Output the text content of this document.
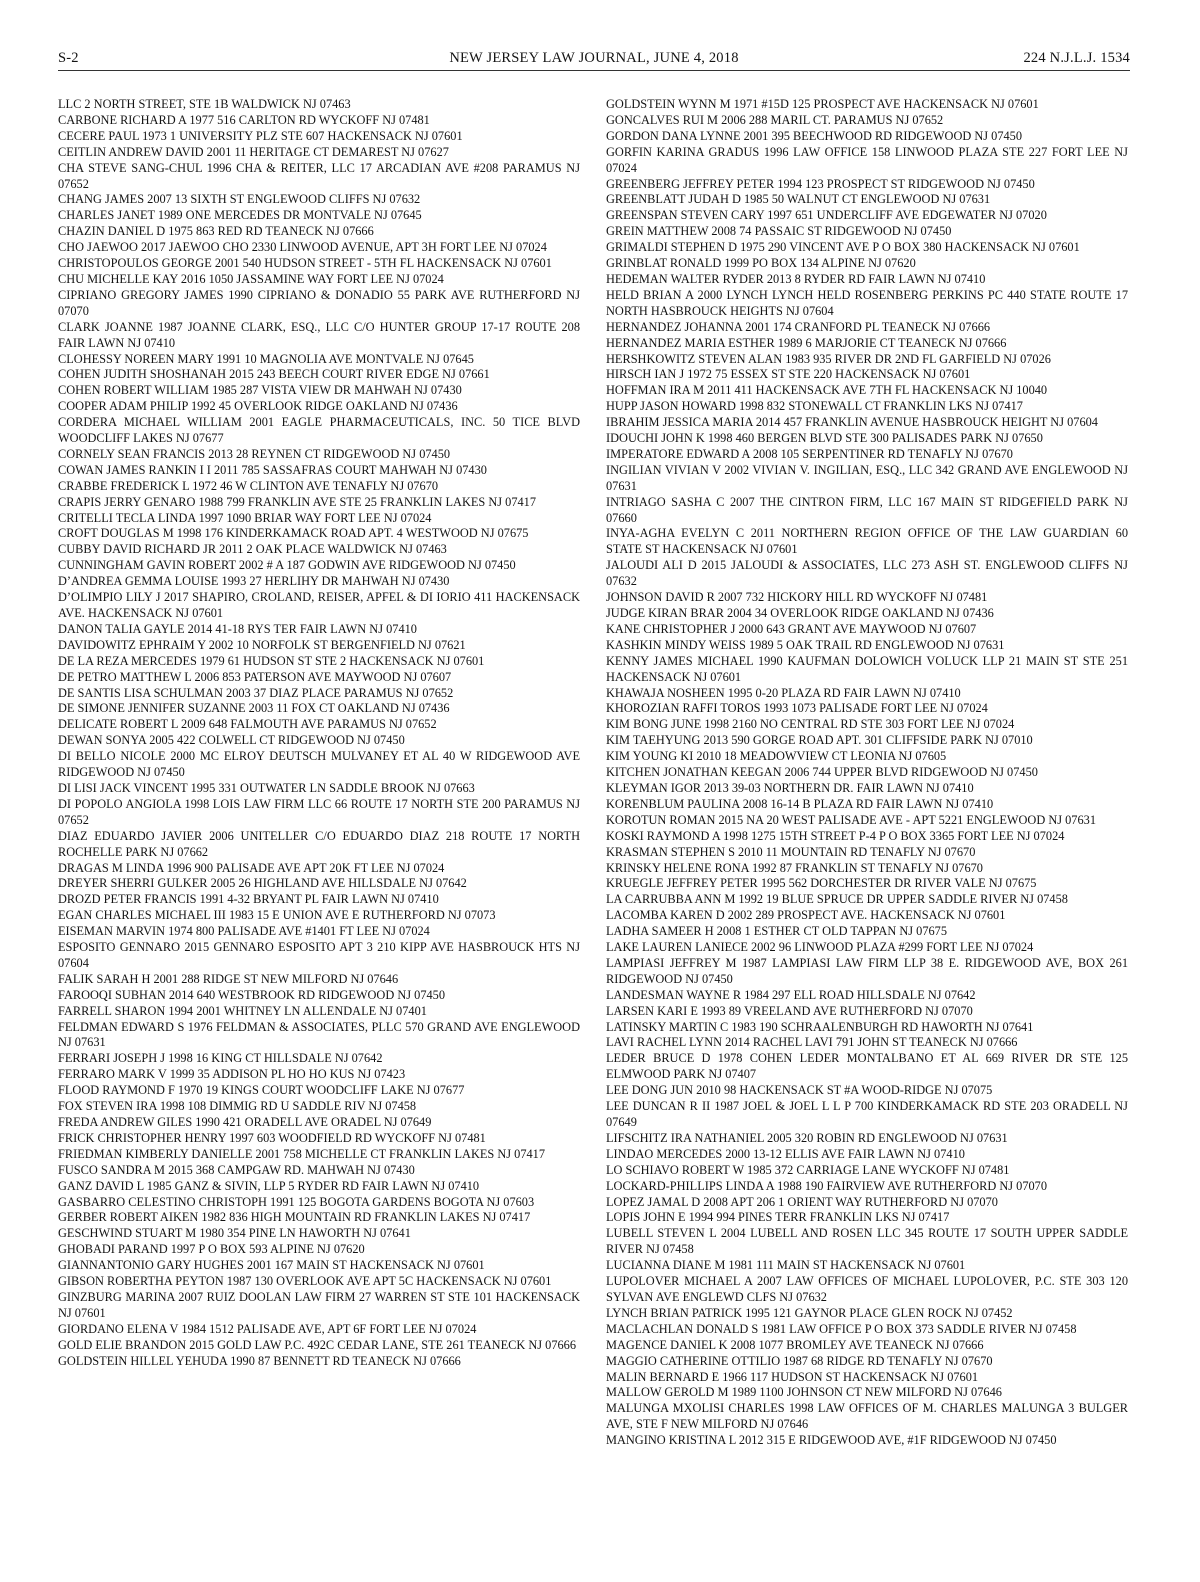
S-2	NEW JERSEY LAW JOURNAL, JUNE 4, 2018	224 N.J.L.J. 1534

LLC 2 NORTH STREET, STE 1B WALDWICK NJ 07463

CARBONE RICHARD A 1977 516 CARLTON RD WYCKOFF NJ 07481

CECERE PAUL 1973 1 UNIVERSITY PLZ STE 607 HACKENSACK NJ 07601

CEITLIN ANDREW DAVID 2001 11 HERITAGE CT DEMAREST NJ 07627

CHA STEVE SANG-CHUL 1996 CHA & REITER, LLC 17 ARCADIAN AVE #208 PARAMUS NJ 07652

CHANG JAMES 2007 13 SIXTH ST ENGLEWOOD CLIFFS NJ 07632

CHARLES JANET 1989 ONE MERCEDES DR MONTVALE NJ 07645

CHAZIN DANIEL D 1975 863 RED RD TEANECK NJ 07666

CHO JAEWOO 2017 JAEWOO CHO 2330 LINWOOD AVENUE, APT 3H FORT LEE NJ 07024

CHRISTOPOULOS GEORGE 2001 540 HUDSON STREET - 5TH FL HACKENSACK NJ 07601

CHU MICHELLE KAY 2016 1050 JASSAMINE WAY FORT LEE NJ 07024

CIPRIANO GREGORY JAMES 1990 CIPRIANO & DONADIO 55 PARK AVE RUTHERFORD NJ 07070

CLARK JOANNE 1987 JOANNE CLARK, ESQ., LLC C/O HUNTER GROUP 17-17 ROUTE 208 FAIR LAWN NJ 07410

CLOHESSY NOREEN MARY 1991 10 MAGNOLIA AVE MONTVALE NJ 07645

COHEN JUDITH SHOSHANAH 2015 243 BEECH COURT RIVER EDGE NJ 07661

COHEN ROBERT WILLIAM 1985 287 VISTA VIEW DR MAHWAH NJ 07430

COOPER ADAM PHILIP 1992 45 OVERLOOK RIDGE OAKLAND NJ 07436

CORDERA MICHAEL WILLIAM 2001 EAGLE PHARMACEUTICALS, INC. 50 TICE BLVD WOODCLIFF LAKES NJ 07677

CORNELY SEAN FRANCIS 2013 28 REYNEN CT RIDGEWOOD NJ 07450

COWAN JAMES RANKIN I I 2011 785 SASSAFRAS COURT MAHWAH NJ 07430

CRABBE FREDERICK L 1972 46 W CLINTON AVE TENAFLY NJ 07670

CRAPIS JERRY GENARO 1988 799 FRANKLIN AVE STE 25 FRANKLIN LAKES NJ 07417

CRITELLI TECLA LINDA 1997 1090 BRIAR WAY FORT LEE NJ 07024

CROFT DOUGLAS M 1998 176 KINDERKAMACK ROAD APT. 4 WESTWOOD NJ 07675

CUBBY DAVID RICHARD JR 2011 2 OAK PLACE WALDWICK NJ 07463

CUNNINGHAM GAVIN ROBERT 2002 # A 187 GODWIN AVE RIDGEWOOD NJ 07450

D’ANDREA GEMMA LOUISE 1993 27 HERLIHY DR MAHWAH NJ 07430

D’OLIMPIO LILY J 2017 SHAPIRO, CROLAND, REISER, APFEL & DI IORIO 411 HACKENSACK AVE. HACKENSACK NJ 07601

DANON TALIA GAYLE 2014 41-18 RYS TER FAIR LAWN NJ 07410

DAVIDOWITZ EPHRAIM Y 2002 10 NORFOLK ST BERGENFIELD NJ 07621

DE LA REZA MERCEDES 1979 61 HUDSON ST STE 2 HACKENSACK NJ 07601

DE PETRO MATTHEW L 2006 853 PATERSON AVE MAYWOOD NJ 07607

DE SANTIS LISA SCHULMAN 2003 37 DIAZ PLACE PARAMUS NJ 07652

DE SIMONE JENNIFER SUZANNE 2003 11 FOX CT OAKLAND NJ 07436

DELICATE ROBERT L 2009 648 FALMOUTH AVE PARAMUS NJ 07652

DEWAN SONYA 2005 422 COLWELL CT RIDGEWOOD NJ 07450

DI BELLO NICOLE 2000 MC ELROY DEUTSCH MULVANEY ET AL 40 W RIDGEWOOD AVE RIDGEWOOD NJ 07450

DI LISI JACK VINCENT 1995 331 OUTWATER LN SADDLE BROOK NJ 07663

DI POPOLO ANGIOLA 1998 LOIS LAW FIRM LLC 66 ROUTE 17 NORTH STE 200 PARAMUS NJ 07652

DIAZ EDUARDO JAVIER 2006 UNITELLER C/O EDUARDO DIAZ 218 ROUTE 17 NORTH ROCHELLE PARK NJ 07662

DRAGAS M LINDA 1996 900 PALISADE AVE APT 20K FT LEE NJ 07024

DREYER SHERRI GULKER 2005 26 HIGHLAND AVE HILLSDALE NJ 07642

DROZD PETER FRANCIS 1991 4-32 BRYANT PL FAIR LAWN NJ 07410

EGAN CHARLES MICHAEL III 1983 15 E UNION AVE E RUTHERFORD NJ 07073

EISEMAN MARVIN 1974 800 PALISADE AVE #1401 FT LEE NJ 07024

ESPOSITO GENNARO 2015 GENNARO ESPOSITO APT 3 210 KIPP AVE HASBROUCK HTS NJ 07604

FALIK SARAH H 2001 288 RIDGE ST NEW MILFORD NJ 07646

FAROOQI SUBHAN 2014 640 WESTBROOK RD RIDGEWOOD NJ 07450

FARRELL SHARON 1994 2001 WHITNEY LN ALLENDALE NJ 07401

FELDMAN EDWARD S 1976 FELDMAN & ASSOCIATES, PLLC 570 GRAND AVE ENGLEWOOD NJ 07631

FERRARI JOSEPH J 1998 16 KING CT HILLSDALE NJ 07642

FERRARO MARK V 1999 35 ADDISON PL HO HO KUS NJ 07423

FLOOD RAYMOND F 1970 19 KINGS COURT WOODCLIFF LAKE NJ 07677

FOX STEVEN IRA 1998 108 DIMMIG RD U SADDLE RIV NJ 07458

FREDA ANDREW GILES 1990 421 ORADELL AVE ORADEL NJ 07649

FRICK CHRISTOPHER HENRY 1997 603 WOODFIELD RD WYCKOFF NJ 07481

FRIEDMAN KIMBERLY DANIELLE 2001 758 MICHELLE CT FRANKLIN LAKES NJ 07417

FUSCO SANDRA M 2015 368 CAMPGAW RD. MAHWAH NJ 07430

GANZ DAVID L 1985 GANZ & SIVIN, LLP 5 RYDER RD FAIR LAWN NJ 07410

GASBARRO CELESTINO CHRISTOPH 1991 125 BOGOTA GARDENS BOGOTA NJ 07603

GERBER ROBERT AIKEN 1982 836 HIGH MOUNTAIN RD FRANKLIN LAKES NJ 07417

GESCHWIND STUART M 1980 354 PINE LN HAWORTH NJ 07641

GHOBADI PARAND 1997 P O BOX 593 ALPINE NJ 07620

GIANNANTONIO GARY HUGHES 2001 167 MAIN ST HACKENSACK NJ 07601

GIBSON ROBERTHA PEYTON 1987 130 OVERLOOK AVE APT 5C HACKENSACK NJ 07601

GINZBURG MARINA 2007 RUIZ DOOLAN LAW FIRM 27 WARREN ST STE 101 HACKENSACK NJ 07601

GIORDANO ELENA V 1984 1512 PALISADE AVE, APT 6F FORT LEE NJ 07024

GOLD ELIE BRANDON 2015 GOLD LAW P.C. 492C CEDAR LANE, STE 261 TEANECK NJ 07666

GOLDSTEIN HILLEL YEHUDA 1990 87 BENNETT RD TEANECK NJ 07666

GOLDSTEIN WYNN M 1971 #15D 125 PROSPECT AVE HACKENSACK NJ 07601

GONCALVES RUI M 2006 288 MARIL CT. PARAMUS NJ 07652

GORDON DANA LYNNE 2001 395 BEECHWOOD RD RIDGEWOOD NJ 07450

GORFIN KARINA GRADUS 1996 LAW OFFICE 158 LINWOOD PLAZA STE 227 FORT LEE NJ 07024

GREENBERG JEFFREY PETER 1994 123 PROSPECT ST RIDGEWOOD NJ 07450

GREENBLATT JUDAH D 1985 50 WALNUT CT ENGLEWOOD NJ 07631

GREENSPAN STEVEN CARY 1997 651 UNDERCLIFF AVE EDGEWATER NJ 07020

GREIN MATTHEW 2008 74 PASSAIC ST RIDGEWOOD NJ 07450

GRIMALDI STEPHEN D 1975 290 VINCENT AVE P O BOX 380 HACKENSACK NJ 07601

GRINBLAT RONALD 1999 PO BOX 134 ALPINE NJ 07620

HEDEMAN WALTER RYDER 2013 8 RYDER RD FAIR LAWN NJ 07410

HELD BRIAN A 2000 LYNCH LYNCH HELD ROSENBERG PERKINS PC 440 STATE ROUTE 17 NORTH HASBROUCK HEIGHTS NJ 07604

HERNANDEZ JOHANNA 2001 174 CRANFORD PL TEANECK NJ 07666

HERNANDEZ MARIA ESTHER 1989 6 MARJORIE CT TEANECK NJ 07666

HERSHKOWITZ STEVEN ALAN 1983 935 RIVER DR 2ND FL GARFIELD NJ 07026

HIRSCH IAN J 1972 75 ESSEX ST STE 220 HACKENSACK NJ 07601

HOFFMAN IRA M 2011 411 HACKENSACK AVE 7TH FL HACKENSACK NJ 10040

HUPP JASON HOWARD 1998 832 STONEWALL CT FRANKLIN LKS NJ 07417

IBRAHIM JESSICA MARIA 2014 457 FRANKLIN AVENUE HASBROUCK HEIGHT NJ 07604

IDOUCHI JOHN K 1998 460 BERGEN BLVD STE 300 PALISADES PARK NJ 07650

IMPERATORE EDWARD A 2008 105 SERPENTINER RD TENAFLY NJ 07670

INGILIAN VIVIAN V 2002 VIVIAN V. INGILIAN, ESQ., LLC 342 GRAND AVE ENGLEWOOD NJ 07631

INTRIAGO SASHA C 2007 THE CINTRON FIRM, LLC 167 MAIN ST RIDGEFIELD PARK NJ 07660

INYA-AGHA EVELYN C 2011 NORTHERN REGION OFFICE OF THE LAW GUARDIAN 60 STATE ST HACKENSACK NJ 07601

JALOUDI ALI D 2015 JALOUDI & ASSOCIATES, LLC 273 ASH ST. ENGLEWOOD CLIFFS NJ 07632

JOHNSON DAVID R 2007 732 HICKORY HILL RD WYCKOFF NJ 07481

JUDGE KIRAN BRAR 2004 34 OVERLOOK RIDGE OAKLAND NJ 07436

KANE CHRISTOPHER J 2000 643 GRANT AVE MAYWOOD NJ 07607

KASHKIN MINDY WEISS 1989 5 OAK TRAIL RD ENGLEWOOD NJ 07631

KENNY JAMES MICHAEL 1990 KAUFMAN DOLOWICH VOLUCK LLP 21 MAIN ST STE 251 HACKENSACK NJ 07601

KHAWAJA NOSHEEN 1995 0-20 PLAZA RD FAIR LAWN NJ 07410

KHOROZIAN RAFFI TOROS 1993 1073 PALISADE FORT LEE NJ 07024

KIM BONG JUNE 1998 2160 NO CENTRAL RD STE 303 FORT LEE NJ 07024

KIM TAEHYUNG 2013 590 GORGE ROAD APT. 301 CLIFFSIDE PARK NJ 07010

KIM YOUNG KI 2010 18 MEADOWVIEW CT LEONIA NJ 07605

KITCHEN JONATHAN KEEGAN 2006 744 UPPER BLVD RIDGEWOOD NJ 07450

KLEYMAN IGOR 2013 39-03 NORTHERN DR. FAIR LAWN NJ 07410

KORENBLUM PAULINA 2008 16-14 B PLAZA RD FAIR LAWN NJ 07410

KOROTUN ROMAN 2015 NA 20 WEST PALISADE AVE - APT 5221 ENGLEWOOD NJ 07631

KOSKI RAYMOND A 1998 1275 15TH STREET P-4 P O BOX 3365 FORT LEE NJ 07024

KRASMAN STEPHEN S 2010 11 MOUNTAIN RD TENAFLY NJ 07670

KRINSKY HELENE RONA 1992 87 FRANKLIN ST TENAFLY NJ 07670

KRUEGLE JEFFREY PETER 1995 562 DORCHESTER DR RIVER VALE NJ 07675

LA CARRUBBA ANN M 1992 19 BLUE SPRUCE DR UPPER SADDLE RIVER NJ 07458

LACOMBA KAREN D 2002 289 PROSPECT AVE. HACKENSACK NJ 07601

LADHA SAMEER H 2008 1 ESTHER CT OLD TAPPAN NJ 07675

LAKE LAUREN LANIECE 2002 96 LINWOOD PLAZA #299 FORT LEE NJ 07024

LAMPIASI JEFFREY M 1987 LAMPIASI LAW FIRM LLP 38 E. RIDGEWOOD AVE, BOX 261 RIDGEWOOD NJ 07450

LANDESMAN WAYNE R 1984 297 ELL ROAD HILLSDALE NJ 07642

LARSEN KARI E 1993 89 VREELAND AVE RUTHERFORD NJ 07070

LATINSKY MARTIN C 1983 190 SCHRAALENBURGH RD HAWORTH NJ 07641

LAVI RACHEL LYNN 2014 RACHEL LAVI 791 JOHN ST TEANECK NJ 07666

LEDER BRUCE D 1978 COHEN LEDER MONTALBANO ET AL 669 RIVER DR STE 125 ELMWOOD PARK NJ 07407

LEE DONG JUN 2010 98 HACKENSACK ST #A WOOD-RIDGE NJ 07075

LEE DUNCAN R II 1987 JOEL & JOEL L L P 700 KINDERKAMACK RD STE 203 ORADELL NJ 07649

LIFSCHITZ IRA NATHANIEL 2005 320 ROBIN RD ENGLEWOOD NJ 07631

LINDAO MERCEDES 2000 13-12 ELLIS AVE FAIR LAWN NJ 07410

LO SCHIAVO ROBERT W 1985 372 CARRIAGE LANE WYCKOFF NJ 07481

LOCKARD-PHILLIPS LINDA A 1988 190 FAIRVIEW AVE RUTHERFORD NJ 07070

LOPEZ JAMAL D 2008 APT 206 1 ORIENT WAY RUTHERFORD NJ 07070

LOPIS JOHN E 1994 994 PINES TERR FRANKLIN LKS NJ 07417

LUBELL STEVEN L 2004 LUBELL AND ROSEN LLC 345 ROUTE 17 SOUTH UPPER SADDLE RIVER NJ 07458

LUCIANNA DIANE M 1981 111 MAIN ST HACKENSACK NJ 07601

LUPOLOVER MICHAEL A 2007 LAW OFFICES OF MICHAEL LUPOLOVER, P.C. STE 303 120 SYLVAN AVE ENGLEWD CLFS NJ 07632

LYNCH BRIAN PATRICK 1995 121 GAYNOR PLACE GLEN ROCK NJ 07452

MACLACHLAN DONALD S 1981 LAW OFFICE P O BOX 373 SADDLE RIVER NJ 07458

MAGENCE DANIEL K 2008 1077 BROMLEY AVE TEANECK NJ 07666

MAGGIO CATHERINE OTTILIO 1987 68 RIDGE RD TENAFLY NJ 07670

MALIN BERNARD E 1966 117 HUDSON ST HACKENSACK NJ 07601

MALLOW GEROLD M 1989 1100 JOHNSON CT NEW MILFORD NJ 07646

MALUNGA MXOLISI CHARLES 1998 LAW OFFICES OF M. CHARLES MALUNGA 3 BULGER AVE, STE F NEW MILFORD NJ 07646

MANGINO KRISTINA L 2012 315 E RIDGEWOOD AVE, #1F RIDGEWOOD NJ 07450
